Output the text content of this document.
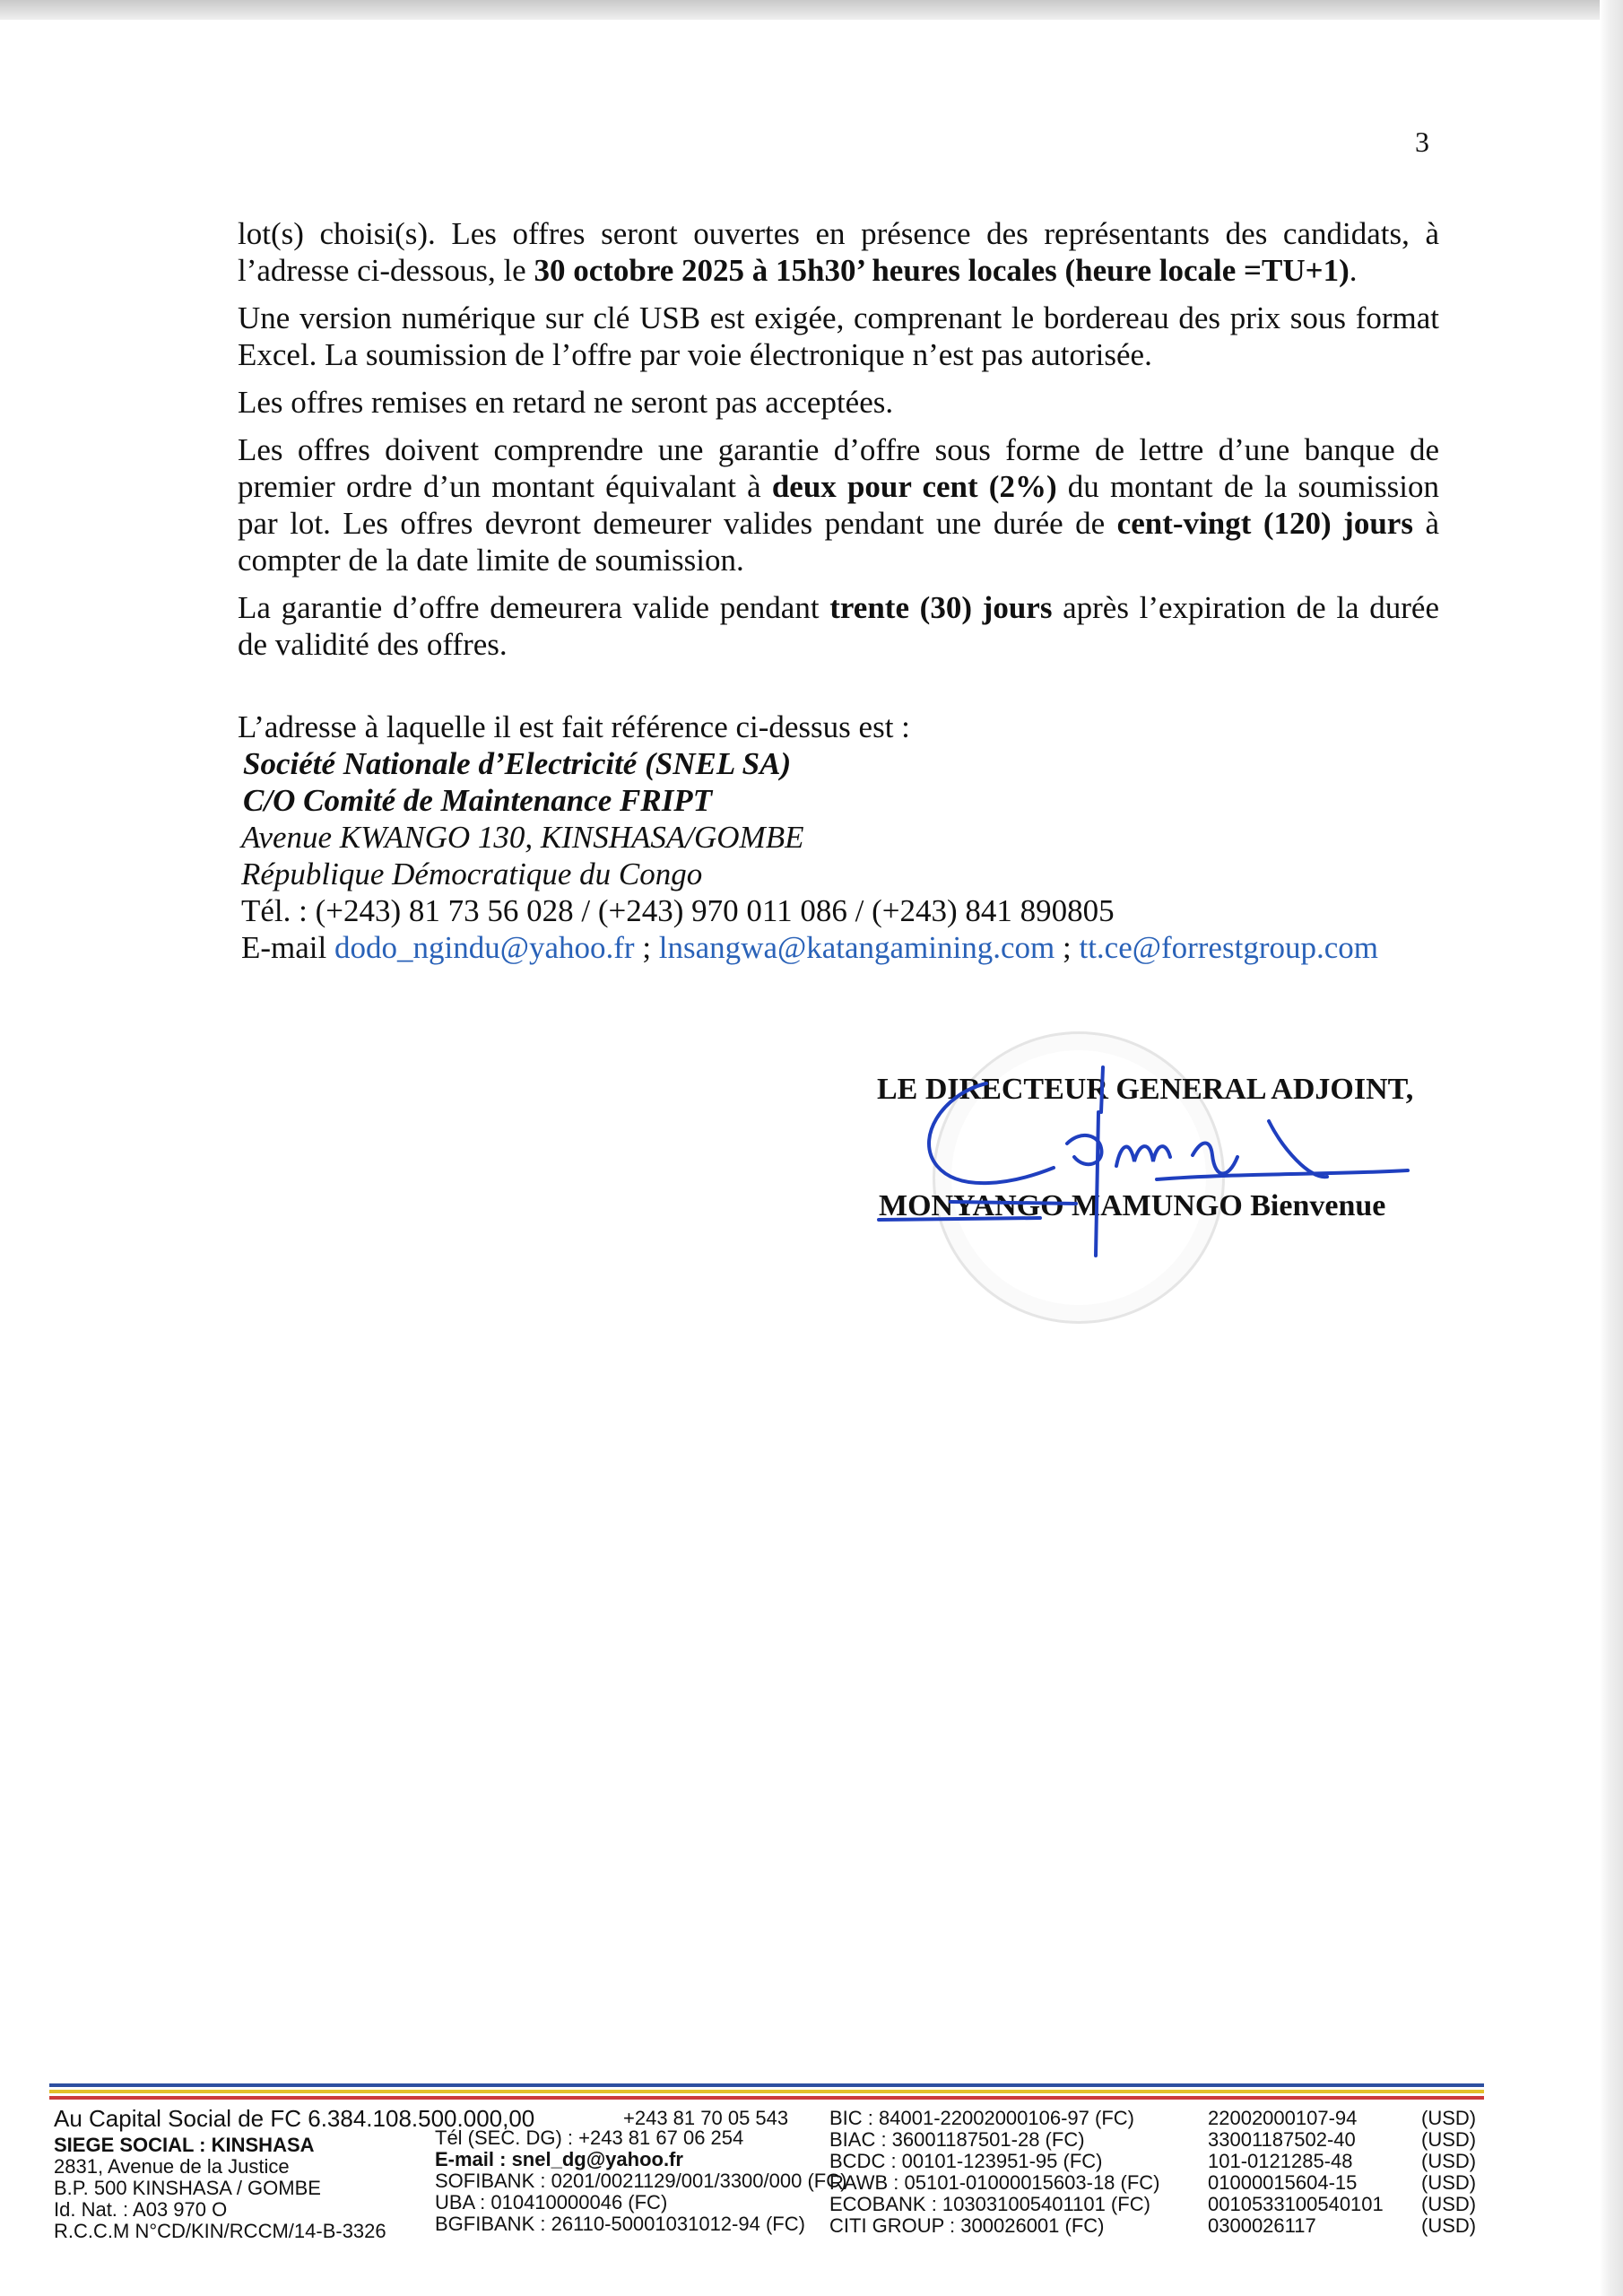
3

lot(s) choisi(s). Les offres seront ouvertes en présence des représentants des candidats, à l’adresse ci-dessous, le 30 octobre 2025 à 15h30’ heures locales (heure locale =TU+1).

Une version numérique sur clé USB est exigée, comprenant le bordereau des prix sous format Excel. La soumission de l’offre par voie électronique n’est pas autorisée.

Les offres remises en retard ne seront pas acceptées.

Les offres doivent comprendre une garantie d’offre sous forme de lettre d’une banque de premier ordre d’un montant équivalant à deux pour cent (2%) du montant de la soumission par lot. Les offres devront demeurer valides pendant une durée de cent-vingt (120) jours à compter de la date limite de soumission.

La garantie d’offre demeurera valide pendant trente (30) jours après l’expiration de la durée de validité des offres.

L’adresse à laquelle il est fait référence ci-dessus est :
Société Nationale d’Electricité (SNEL SA)
C/O Comité de Maintenance FRIPT
Avenue KWANGO 130, KINSHASA/GOMBE
République Démocratique du Congo
Tél. : (+243) 81 73 56 028 / (+243) 970 011 086 / (+243) 841 890805
E-mail dodo_ngindu@yahoo.fr ; lnsangwa@katangamining.com ; tt.ce@forrestgroup.com
LE DIRECTEUR GENERAL ADJOINT,
MONYANGO MAMUNGO Bienvenue
Au Capital Social de FC 6.384.108.500.000,00
SIEGE SOCIAL : KINSHASA
2831, Avenue de la Justice
B.P. 500 KINSHASA / GOMBE
Id. Nat. : A03 970 O
R.C.C.M N°CD/KIN/RCCM/14-B-3326
+243 81 70 05 543
Tél (SEC. DG) : +243 81 67 06 254
E-mail : snel_dg@yahoo.fr
SOFIBANK : 0201/0021129/001/3300/000 (FC)
UBA : 010410000046 (FC)
BGFIBANK : 26110-50001031012-94 (FC)
BIC : 84001-22002000106-97 (FC)
BIAC : 36001187501-28 (FC)
BCDC : 00101-123951-95 (FC)
RAWB : 05101-01000015603-18 (FC)
ECOBANK : 103031005401101 (FC)
CITI GROUP : 300026001 (FC)
22002000107-94
33001187502-40
101-0121285-48
01000015604-15
0010533100540101
0300026117
(USD)
(USD)
(USD)
(USD)
(USD)
(USD)
